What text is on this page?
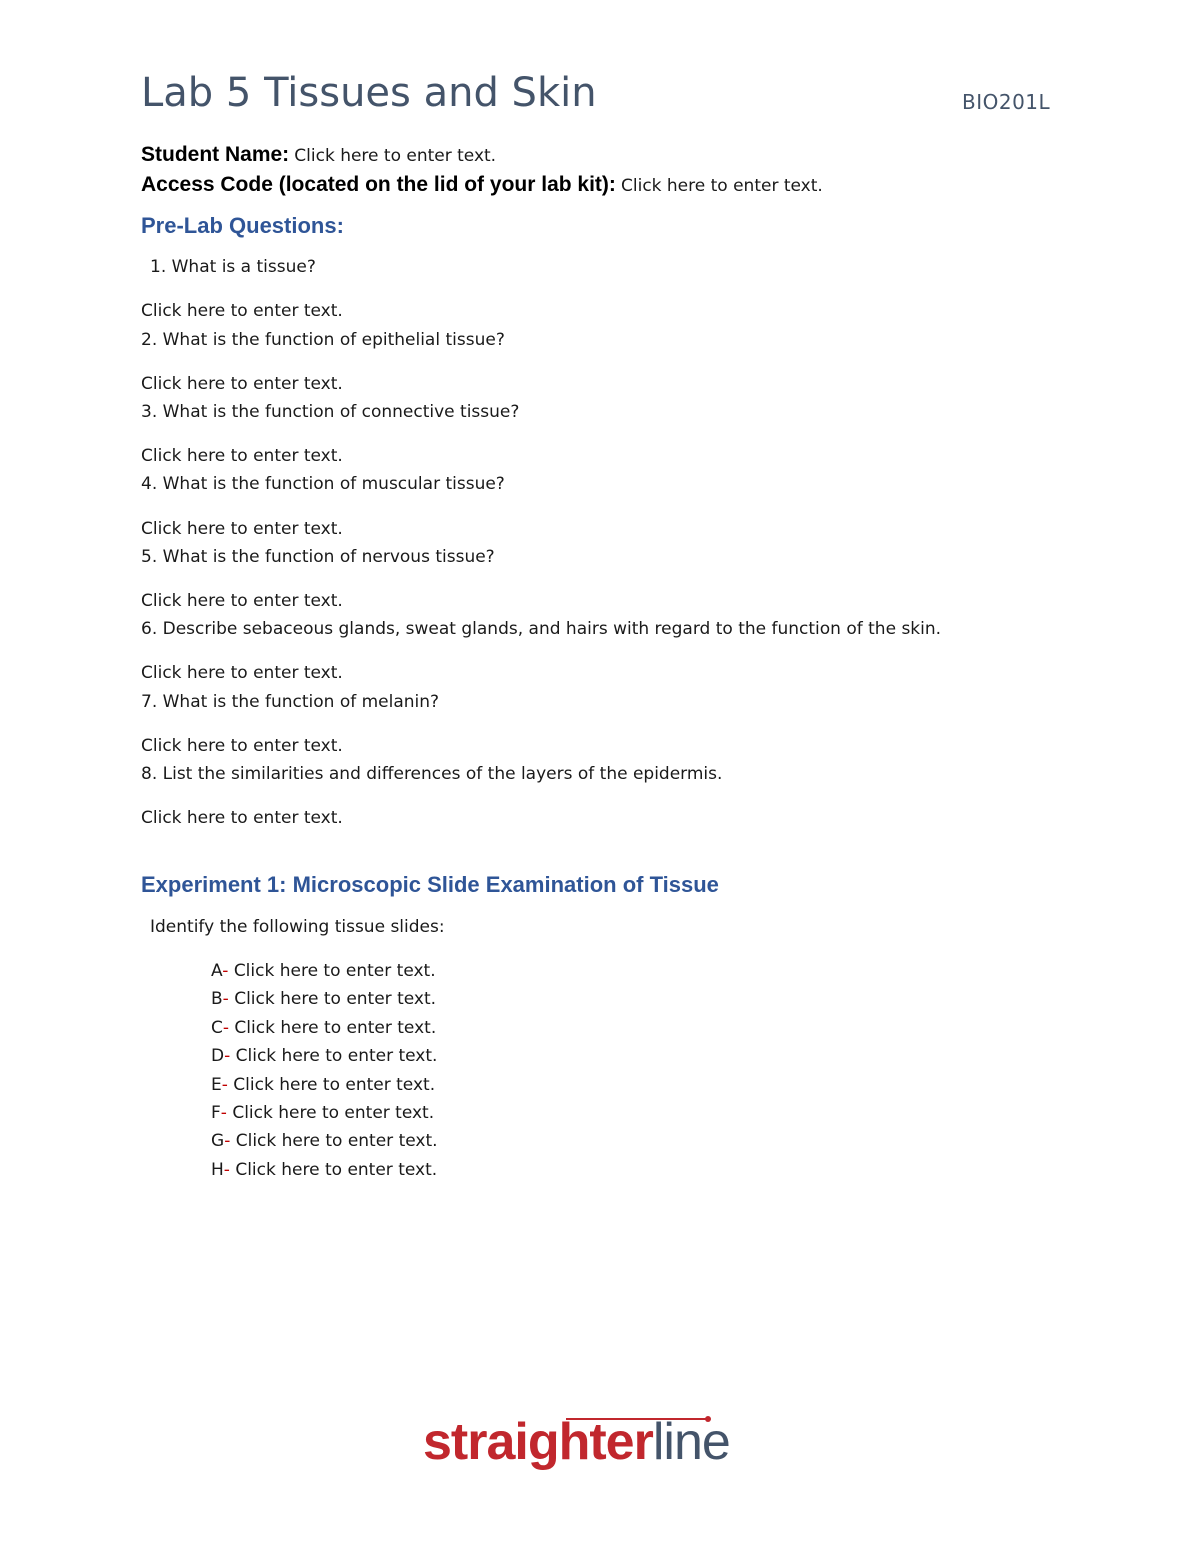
Lab 5 Tissues and Skin	BIO201L
Student Name: Click here to enter text.
Access Code (located on the lid of your lab kit): Click here to enter text.
Pre-Lab Questions:
1. What is a tissue?
Click here to enter text.
2. What is the function of epithelial tissue?
Click here to enter text.
3. What is the function of connective tissue?
Click here to enter text.
4. What is the function of muscular tissue?
Click here to enter text.
5. What is the function of nervous tissue?
Click here to enter text.
6. Describe sebaceous glands, sweat glands, and hairs with regard to the function of the skin.
Click here to enter text.
7. What is the function of melanin?
Click here to enter text.
8. List the similarities and differences of the layers of the epidermis.
Click here to enter text.
Experiment 1: Microscopic Slide Examination of Tissue
Identify the following tissue slides:
A- Click here to enter text.
B- Click here to enter text.
C- Click here to enter text.
D- Click here to enter text.
E- Click here to enter text.
F- Click here to enter text.
G- Click here to enter text.
H- Click here to enter text.
straighterline
